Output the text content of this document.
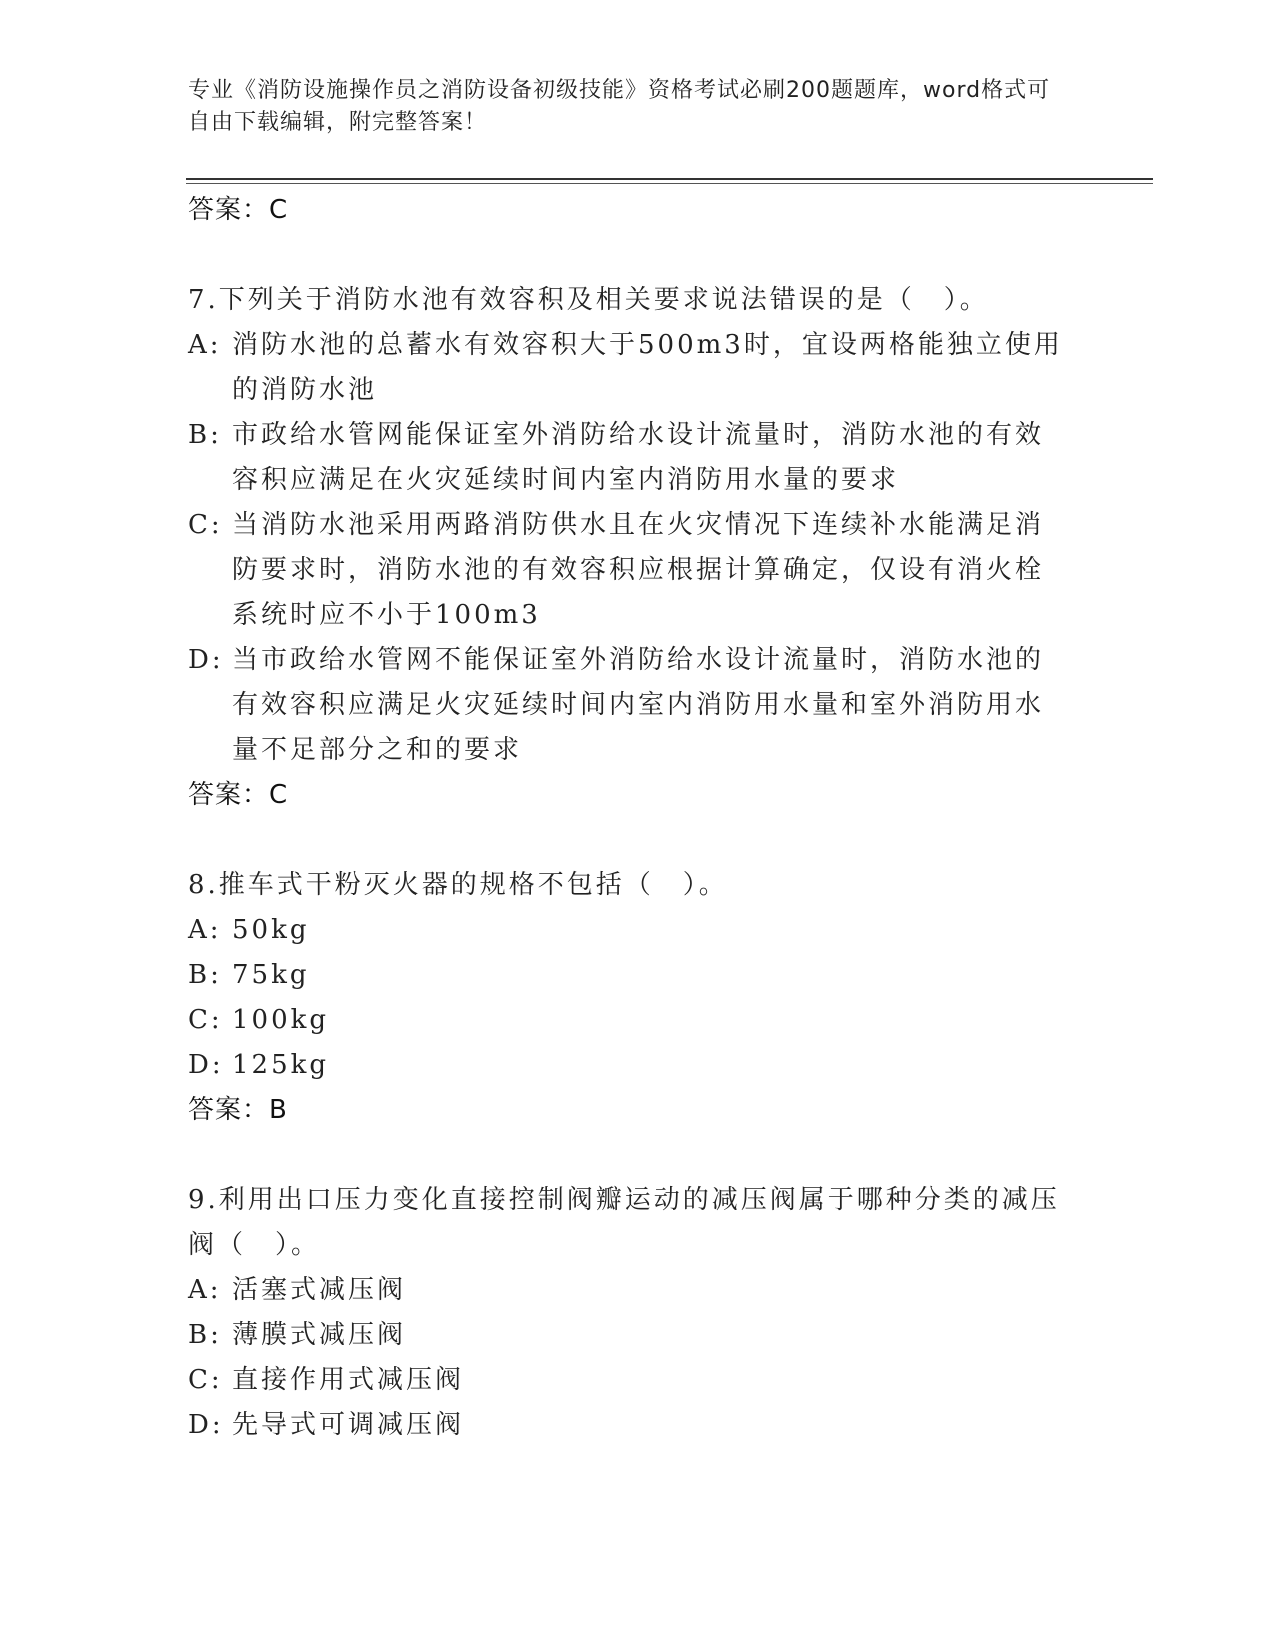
专业《消防设施操作员之消防设备初级技能》资格考试必刷200题题库，word格式可自由下载编辑，附完整答案！
答案：C
7.下列关于消防水池有效容积及相关要求说法错误的是（　）。
A: 消防水池的总蓄水有效容积大于500m3时，宜设两格能独立使用的消防水池
B: 市政给水管网能保证室外消防给水设计流量时，消防水池的有效容积应满足在火灾延续时间内室内消防用水量的要求
C: 当消防水池采用两路消防供水且在火灾情况下连续补水能满足消防要求时，消防水池的有效容积应根据计算确定，仅设有消火栓系统时应不小于100m3
D: 当市政给水管网不能保证室外消防给水设计流量时，消防水池的有效容积应满足火灾延续时间内室内消防用水量和室外消防用水量不足部分之和的要求
答案：C
8.推车式干粉灭火器的规格不包括（　）。
A: 50kg
B: 75kg
C: 100kg
D: 125kg
答案：B
9.利用出口压力变化直接控制阀瓣运动的减压阀属于哪种分类的减压阀（　）。
A: 活塞式减压阀
B: 薄膜式减压阀
C: 直接作用式减压阀
D: 先导式可调减压阀
